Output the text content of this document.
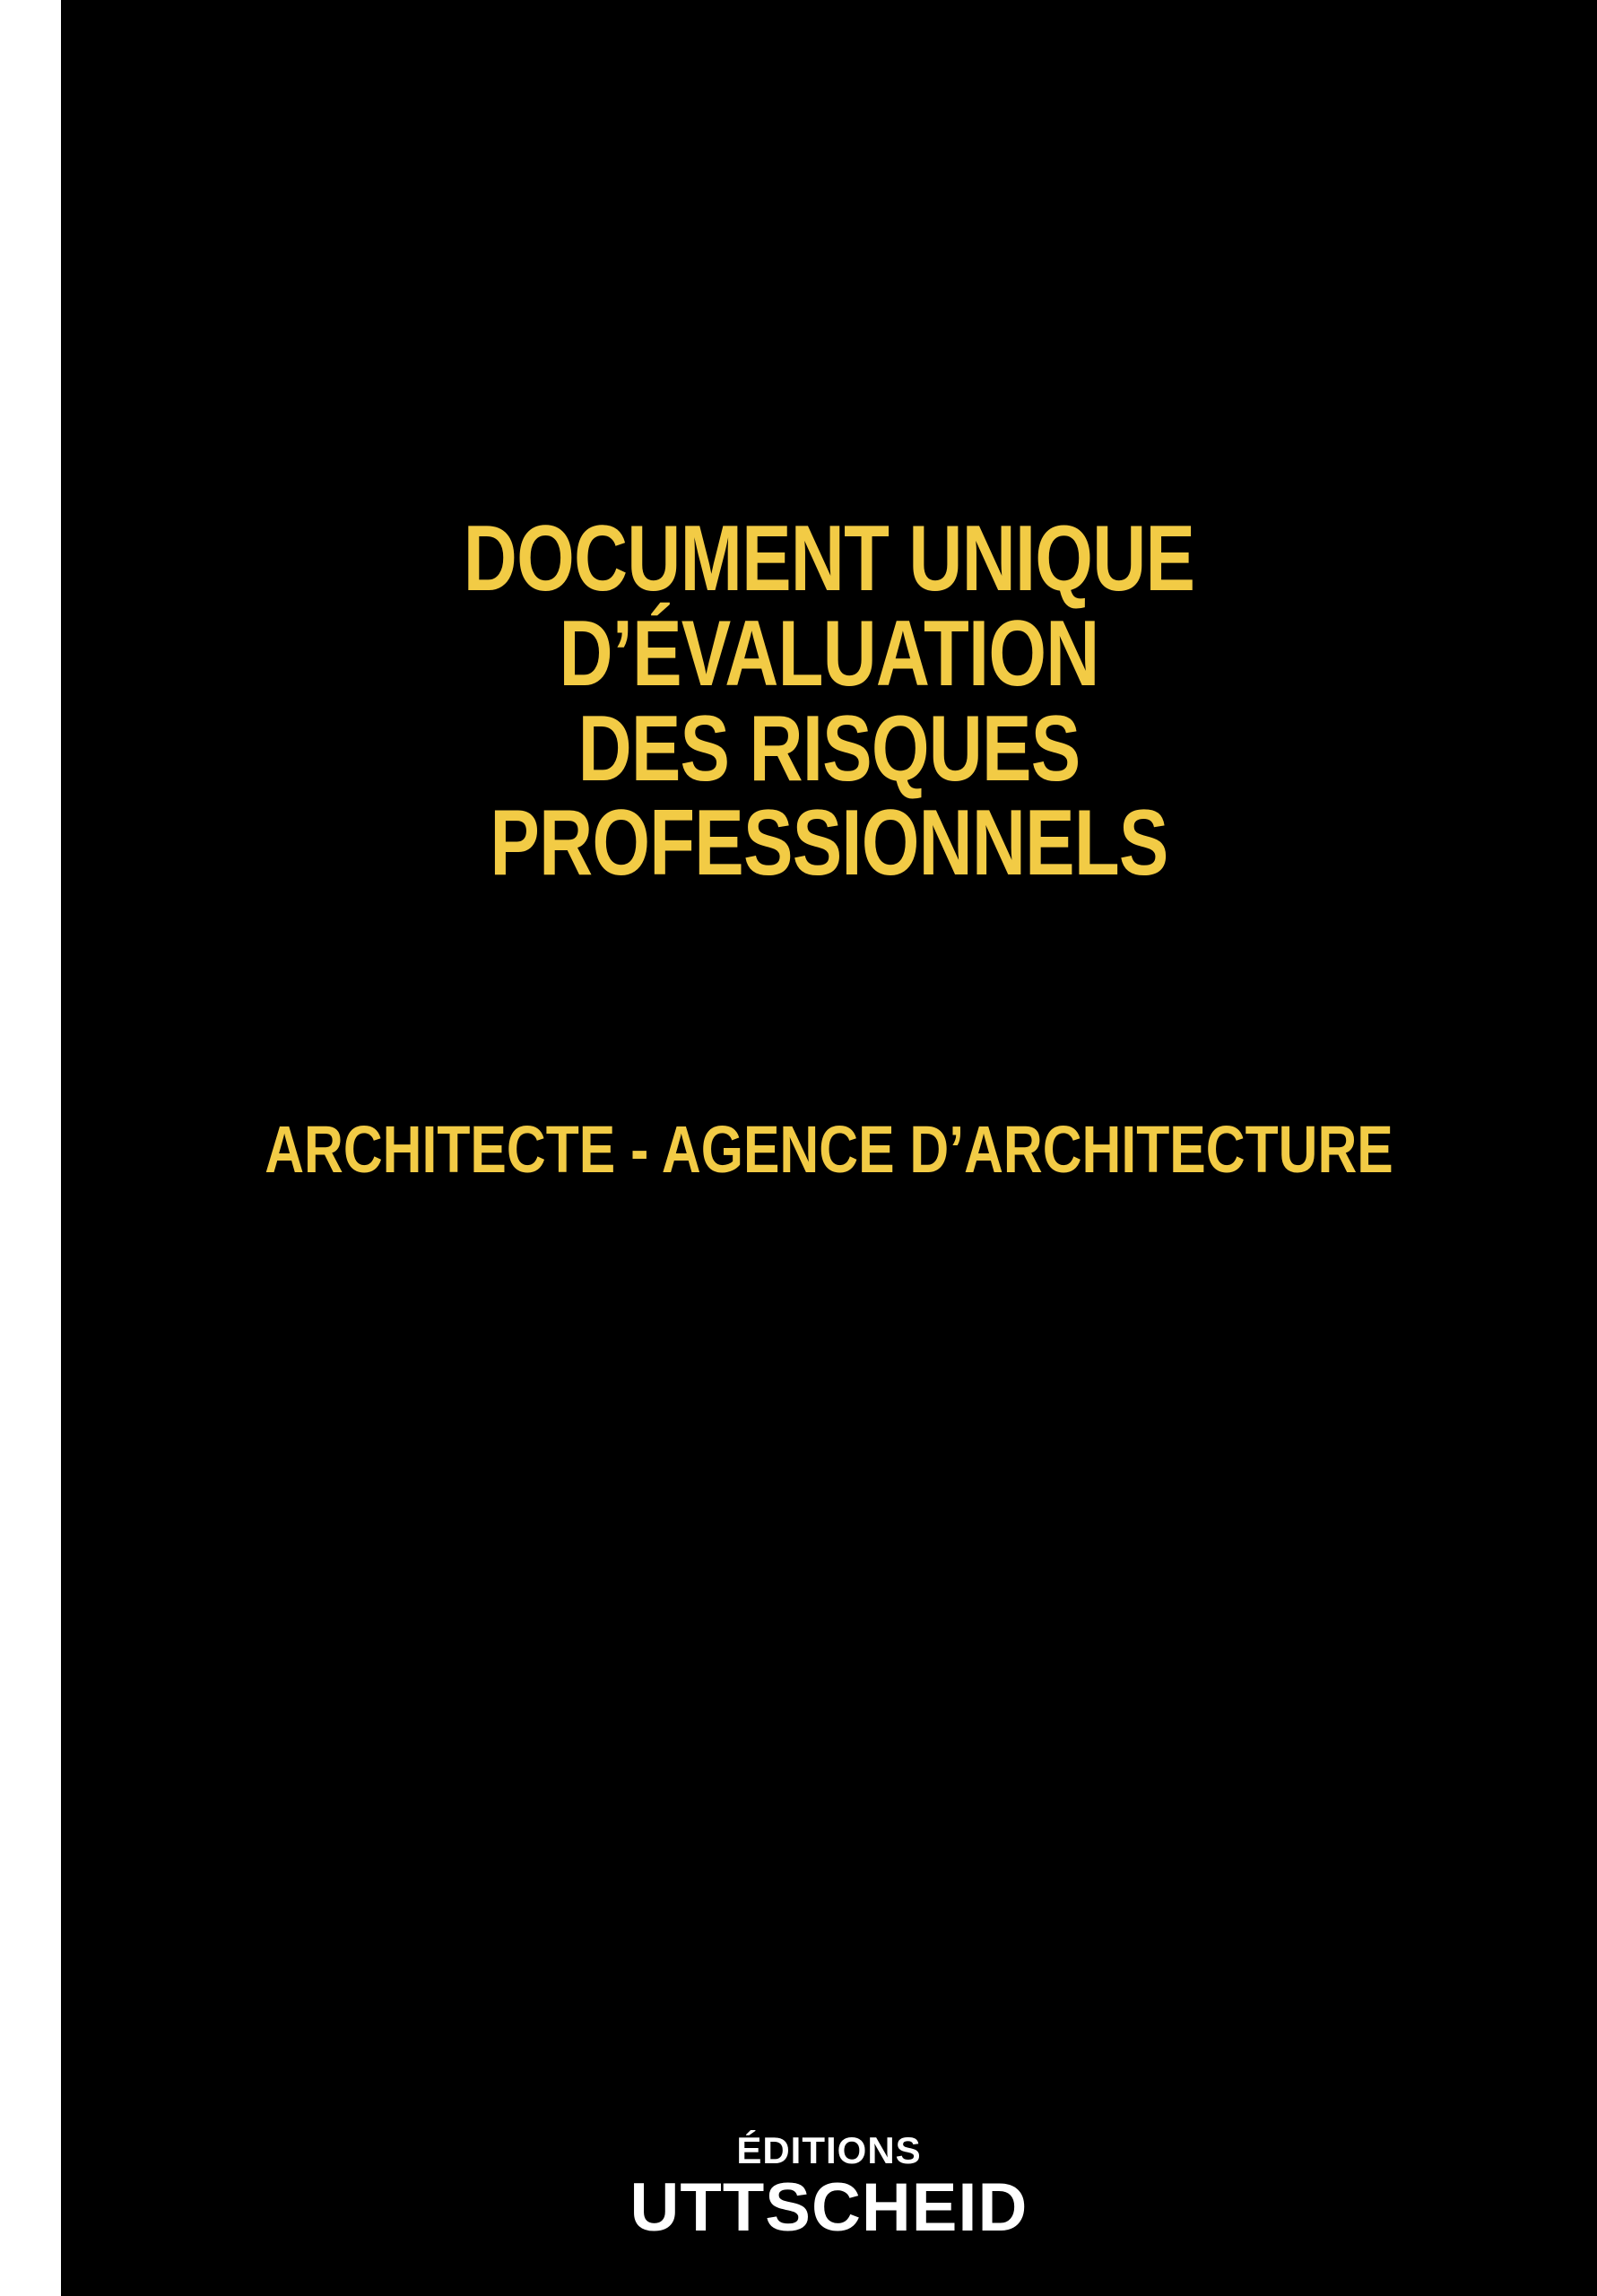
DOCUMENT UNIQUE
D’ÉVALUATION
DES RISQUES
PROFESSIONNELS
ARCHITECTE - AGENCE D’ARCHITECTURE
ÉDITIONS
UTTSCHEID
